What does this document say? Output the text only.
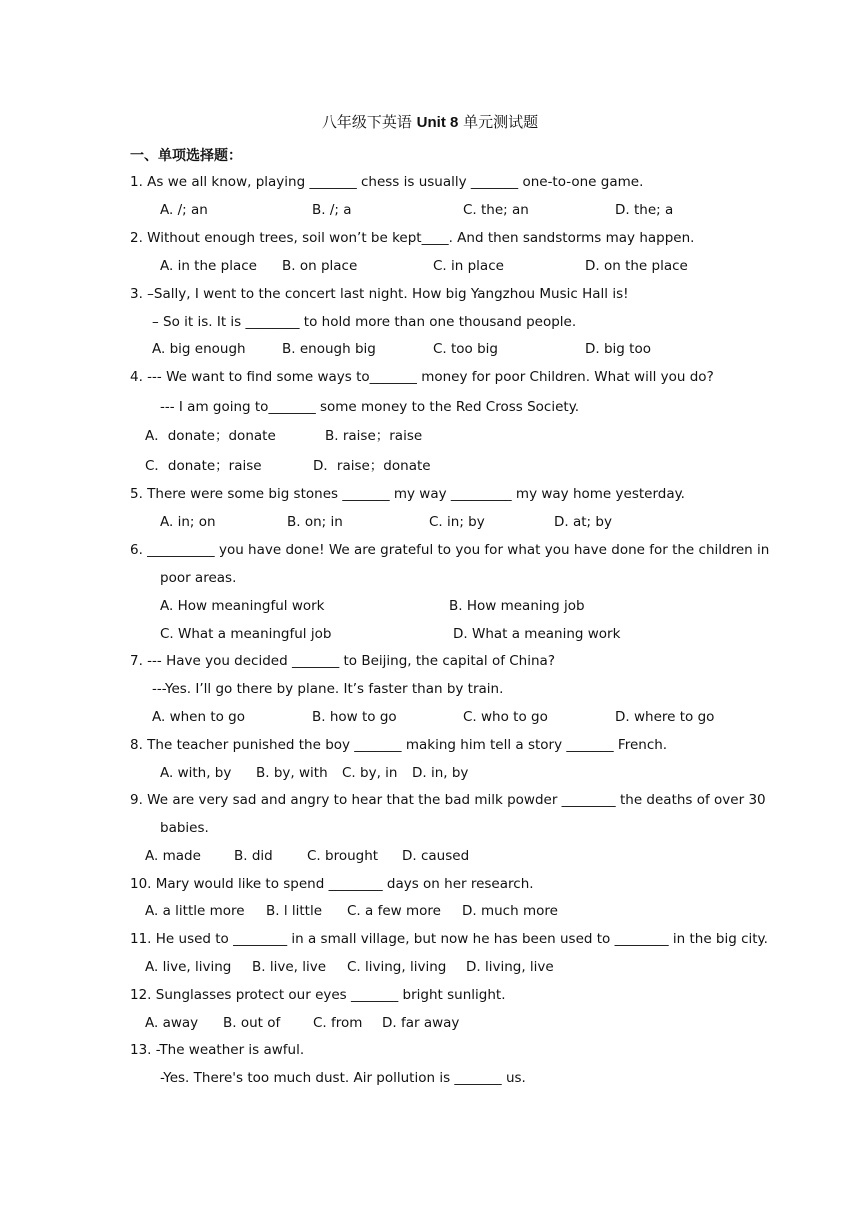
八年级下英语 Unit 8 单元测试题
一、单项选择题：
1. As we all know, playing _______ chess is usually _______ one-to-one game.
A. /; an	B. /; a	C. the; an	D. the; a
2. Without enough trees, soil won’t be kept____. And then sandstorms may happen.
A. in the place B. on place	C. in place	D. on the place
3. –Sally, I went to the concert last night. How big Yangzhou Music Hall is!
– So it is. It is ________ to hold more than one thousand people.
A. big enough	B. enough big	C. too big	D. big too
4. --- We want to find some ways to_______ money for poor Children. What will you do?
--- I am going to_______ some money to the Red Cross Society.
A．donate；donate	B. raise；raise
C．donate；raise	D．raise；donate
5. There were some big stones _______ my way _________ my way home yesterday.
A. in; on	B. on; in	C. in; by	D. at; by
6. __________ you have done! We are grateful to you for what you have done for the children in
poor areas.
A. How meaningful work	B. How meaning job
C. What a meaningful job	D. What a meaning work
7. --- Have you decided _______ to Beijing, the capital of China?
---Yes. I’ll go there by plane. It’s faster than by train.
A. when to go	B. how to go	C. who to go	D. where to go
8. The teacher punished the boy _______ making him tell a story _______ French.
A. with, by B. by, with C. by, in D. in, by
9. We are very sad and angry to hear that the bad milk powder ________ the deaths of over 30
babies.
A. made B. did	C. brought D. caused
10. Mary would like to spend ________ days on her research.
A. a little more B. l little C. a few more D. much more
11. He used to ________ in a small village, but now he has been used to ________ in the big city.
A. live, living B. live, live C. living, living D. living, live
12. Sunglasses protect our eyes _______ bright sunlight.
A. away B. out of C. from D. far away
13. -The weather is awful.
-Yes. There's too much dust. Air pollution is _______ us.
